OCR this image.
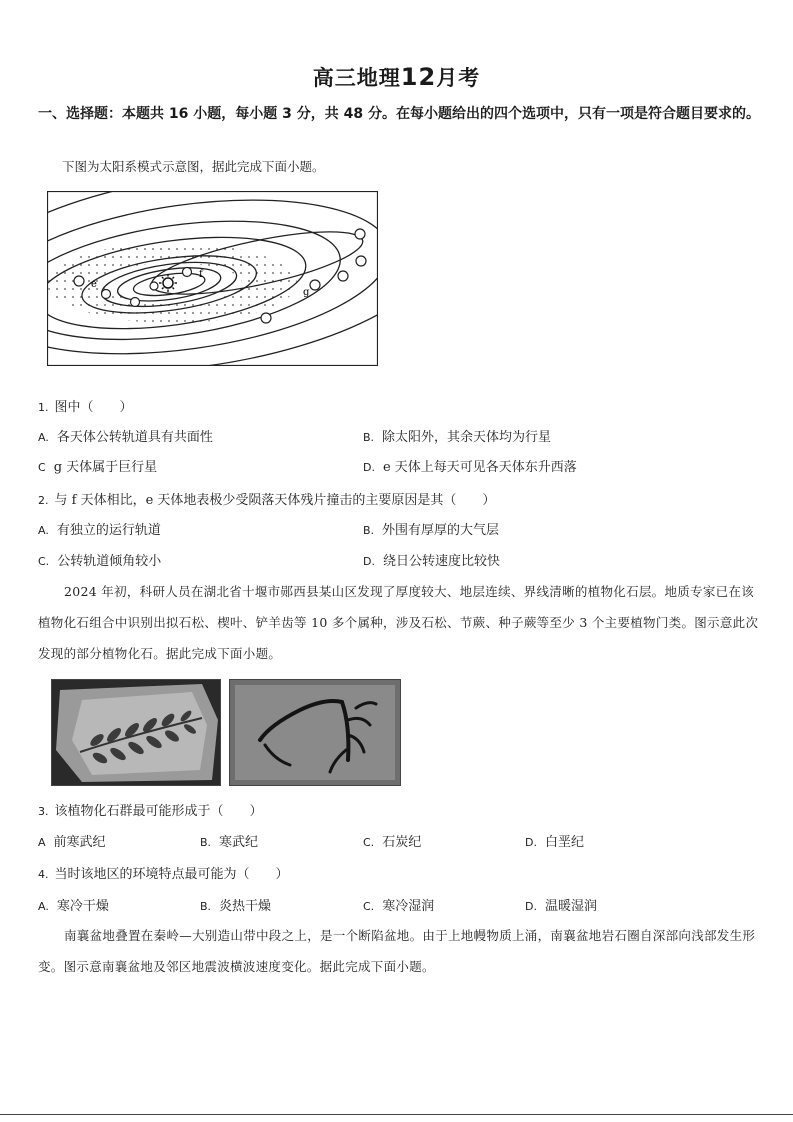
高三地理12月考
一、选择题：本题共 16 小题，每小题 3 分，共 48 分。在每小题给出的四个选项中，只有一项是符合题目要求的。
下图为太阳系模式示意图，据此完成下面小题。
f
e
g
1. 图中（　　）
A. 各天体公转轨道具有共面性	B. 除太阳外，其余天体均为行星
C g 天体属于巨行星	D. e 天体上每天可见各天体东升西落
2. 与 f 天体相比，e 天体地表极少受陨落天体残片撞击的主要原因是其（　　）
A. 有独立的运行轨道	B. 外围有厚厚的大气层
C. 公转轨道倾角较小	D. 绕日公转速度比较快
2024 年初，科研人员在湖北省十堰市郧西县某山区发现了厚度较大、地层连续、界线清晰的植物化石层。地质专家已在该植物化石组合中识别出拟石松、楔叶、铲羊齿等 10 多个属种，涉及石松、节蕨、种子蕨等至少 3 个主要植物门类。图示意此次发现的部分植物化石。据此完成下面小题。
3. 该植物化石群最可能形成于（　　）
A 前寒武纪	B. 寒武纪	C. 石炭纪	D. 白垩纪
4. 当时该地区的环境特点最可能为（　　）
A. 寒冷干燥	B. 炎热干燥	C. 寒冷湿润	D. 温暖湿润
南襄盆地叠置在秦岭—大别造山带中段之上，是一个断陷盆地。由于上地幔物质上涌，南襄盆地岩石圈自深部向浅部发生形变。图示意南襄盆地及邻区地震波横波速度变化。据此完成下面小题。
